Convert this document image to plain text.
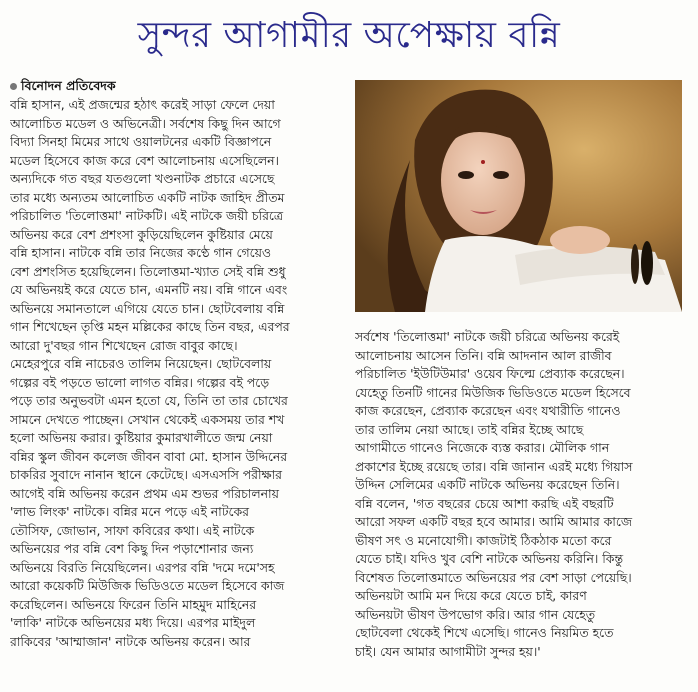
সুন্দর আগামীর অপেক্ষায় বন্নি
বিনোদন প্রতিবেদক

বন্নি হাসান, এই প্রজন্মের হঠাৎ করেই সাড়া ফেলে দেয়া

আলোচিত মডেল ও অভিনেত্রী। সর্বশেষ কিছু দিন আগে

বিদ্যা সিনহা মিমের সাথে ওয়ালটনের একটি বিজ্ঞাপনে

মডেল হিসেবে কাজ করে বেশ আলোচনায় এসেছিলেন।

অন্যদিকে গত বছর যতগুলো খণ্ডনাটক প্রচারে এসেছে

তার মধ্যে অন্যতম আলোচিত একটি নাটক জাহিদ প্রীতম

পরিচালিত 'তিলোত্তমা' নাটকটি। এই নাটকে জয়ী চরিত্রে

অভিনয় করে বেশ প্রশংসা কুড়িয়েছিলেন কুষ্টিয়ার মেয়ে

বন্নি হাসান। নাটকে বন্নি তার নিজের কণ্ঠে গান গেয়েও

বেশ প্রশংসিত হয়েছিলেন। তিলোত্তমা-খ্যাত সেই বন্নি শুধু

যে অভিনয়ই করে যেতে চান, এমনটি নয়। বন্নি গানে এবং

অভিনয়ে সমানতালে এগিয়ে যেতে চান। ছোটবেলায় বন্নি

গান শিখেছেন তৃপ্তি মহন মল্লিকের কাছে তিন বছর, এরপর

আরো দু'বছর গান শিখেছেন রোজ বাবুর কাছে।

মেহেরপুরে বন্নি নাচেরও তালিম নিয়েছেন। ছোটবেলায়

গল্পের বই পড়তে ভালো লাগত বন্নির। গল্পের বই পড়ে

পড়ে তার অনুভবটা এমন হতো যে, তিনি তা তার চোখের

সামনে দেখতে পাচ্ছেন। সেখান থেকেই একসময় তার শখ

হলো অভিনয় করার। কুষ্টিয়ার কুমারখালীতে জন্ম নেয়া

বন্নির স্কুল জীবন কলেজ জীবন বাবা মো. হাসান উদ্দিনের

চাকরির সুবাদে নানান স্থানে কেটেছে। এসএসসি পরীক্ষার

আগেই বন্নি অভিনয় করেন প্রথম এম শুভর পরিচালনায়

'লাভ লিংক' নাটকে। বন্নির মনে পড়ে এই নাটকের

তৌসিফ, জোভান, সাফা কবিরের কথা। এই নাটকে

অভিনয়ের পর বন্নি বেশ কিছু দিন পড়াশোনার জন্য

অভিনয়ে বিরতি নিয়েছিলেন। এরপর বন্নি 'দমে দমে'সহ

আরো কয়েকটি মিউজিক ভিডিওতে মডেল হিসেবে কাজ

করেছিলেন। অভিনয়ে ফিরেন তিনি মাহমুদ মাহিনের

'লাকি' নাটকে অভিনয়ের মধ্য দিয়ে। এরপর মাইদুল

রাকিবের 'আম্মাজান' নাটকে অভিনয় করেন। আর

সর্বশেষ 'তিলোত্তমা' নাটকে জয়ী চরিত্রে অভিনয় করেই

আলোচনায় আসেন তিনি। বন্নি আদনান আল রাজীব

পরিচালিত 'ইউটিউমার' ওয়েব ফিল্মে প্রেব্যাক করেছেন।

যেহেতু তিনটি গানের মিউজিক ভিডিওতে মডেল হিসেবে

কাজ করেছেন, প্রেব্যাক করেছেন এবং যথারীতি গানেও

তার তালিম নেয়া আছে। তাই বন্নির ইচ্ছে আছে

আগামীতে গানেও নিজেকে ব্যস্ত করার। মৌলিক গান

প্রকাশের ইচ্ছে রয়েছে তার। বন্নি জানান এরই মধ্যে গিয়াস

উদ্দিন সেলিমের একটি নাটকে অভিনয় করেছেন তিনি।

বন্নি বলেন, 'গত বছরের চেয়ে আশা করছি এই বছরটি

আরো সফল একটি বছর হবে আমার। আমি আমার কাজে

ভীষণ সৎ ও মনোযোগী। কাজটাই ঠিকঠাক মতো করে

যেতে চাই। যদিও খুব বেশি নাটকে অভিনয় করিনি। কিন্তু

বিশেষত তিলোত্তমাতে অভিনয়ের পর বেশ সাড়া পেয়েছি।

অভিনয়টা আমি মন দিয়ে করে যেতে চাই, কারণ

অভিনয়টা ভীষণ উপভোগ করি। আর গান যেহেতু

ছোটবেলা থেকেই শিখে এসেছি। গানেও নিয়মিত হতে

চাই। যেন আমার আগামীটা সুন্দর হয়।'
